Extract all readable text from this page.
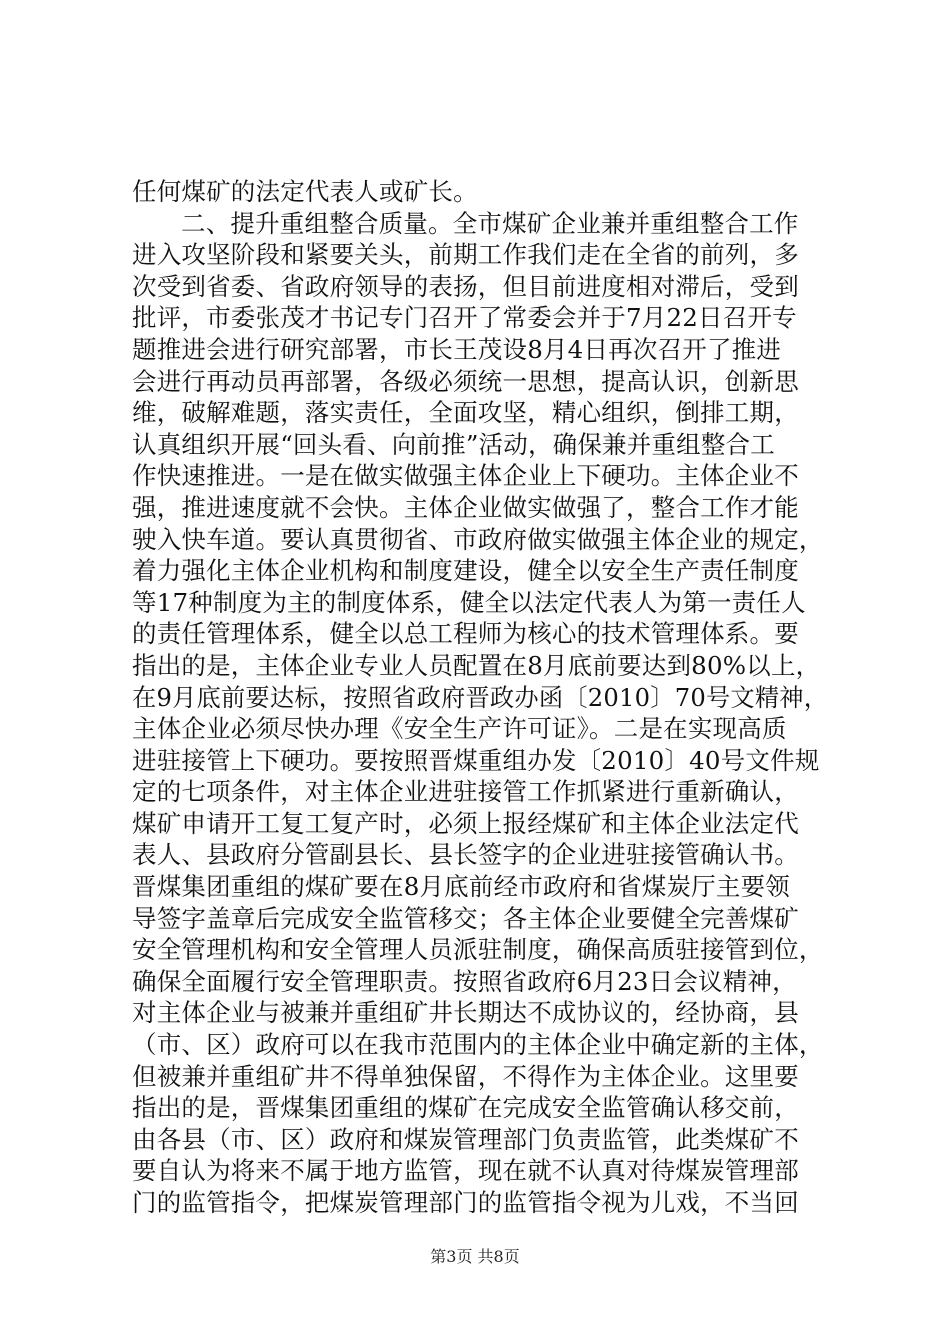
任何煤矿的法定代表人或矿长。
二、提升重组整合质量。全市煤矿企业兼并重组整合工作
进入攻坚阶段和紧要关头，前期工作我们走在全省的前列，多
次受到省委、省政府领导的表扬，但目前进度相对滞后，受到
批评，市委张茂才书记专门召开了常委会并于7月22日召开专
题推进会进行研究部署，市长王茂设8月4日再次召开了推进
会进行再动员再部署，各级必须统一思想，提高认识，创新思
维，破解难题，落实责任，全面攻坚，精心组织，倒排工期，
认真组织开展“回头看、向前推”活动，确保兼并重组整合工
作快速推进。一是在做实做强主体企业上下硬功。主体企业不
强，推进速度就不会快。主体企业做实做强了，整合工作才能
驶入快车道。要认真贯彻省、市政府做实做强主体企业的规定，
着力强化主体企业机构和制度建设，健全以安全生产责任制度
等17种制度为主的制度体系，健全以法定代表人为第一责任人
的责任管理体系，健全以总工程师为核心的技术管理体系。要
指出的是，主体企业专业人员配置在8月底前要达到80%以上，
在9月底前要达标，按照省政府晋政办函〔2010〕70号文精神，
主体企业必须尽快办理《安全生产许可证》。二是在实现高质
进驻接管上下硬功。要按照晋煤重组办发〔2010〕40号文件规
定的七项条件，对主体企业进驻接管工作抓紧进行重新确认，
煤矿申请开工复工复产时，必须上报经煤矿和主体企业法定代
表人、县政府分管副县长、县长签字的企业进驻接管确认书。
晋煤集团重组的煤矿要在8月底前经市政府和省煤炭厅主要领
导签字盖章后完成安全监管移交；各主体企业要健全完善煤矿
安全管理机构和安全管理人员派驻制度，确保高质驻接管到位，
确保全面履行安全管理职责。按照省政府6月23日会议精神，
对主体企业与被兼并重组矿井长期达不成协议的，经协商，县
（市、区）政府可以在我市范围内的主体企业中确定新的主体，
但被兼并重组矿井不得单独保留，不得作为主体企业。这里要
指出的是，晋煤集团重组的煤矿在完成安全监管确认移交前，
由各县（市、区）政府和煤炭管理部门负责监管，此类煤矿不
要自认为将来不属于地方监管，现在就不认真对待煤炭管理部
门的监管指令，把煤炭管理部门的监管指令视为儿戏，不当回
第3页 共8页
